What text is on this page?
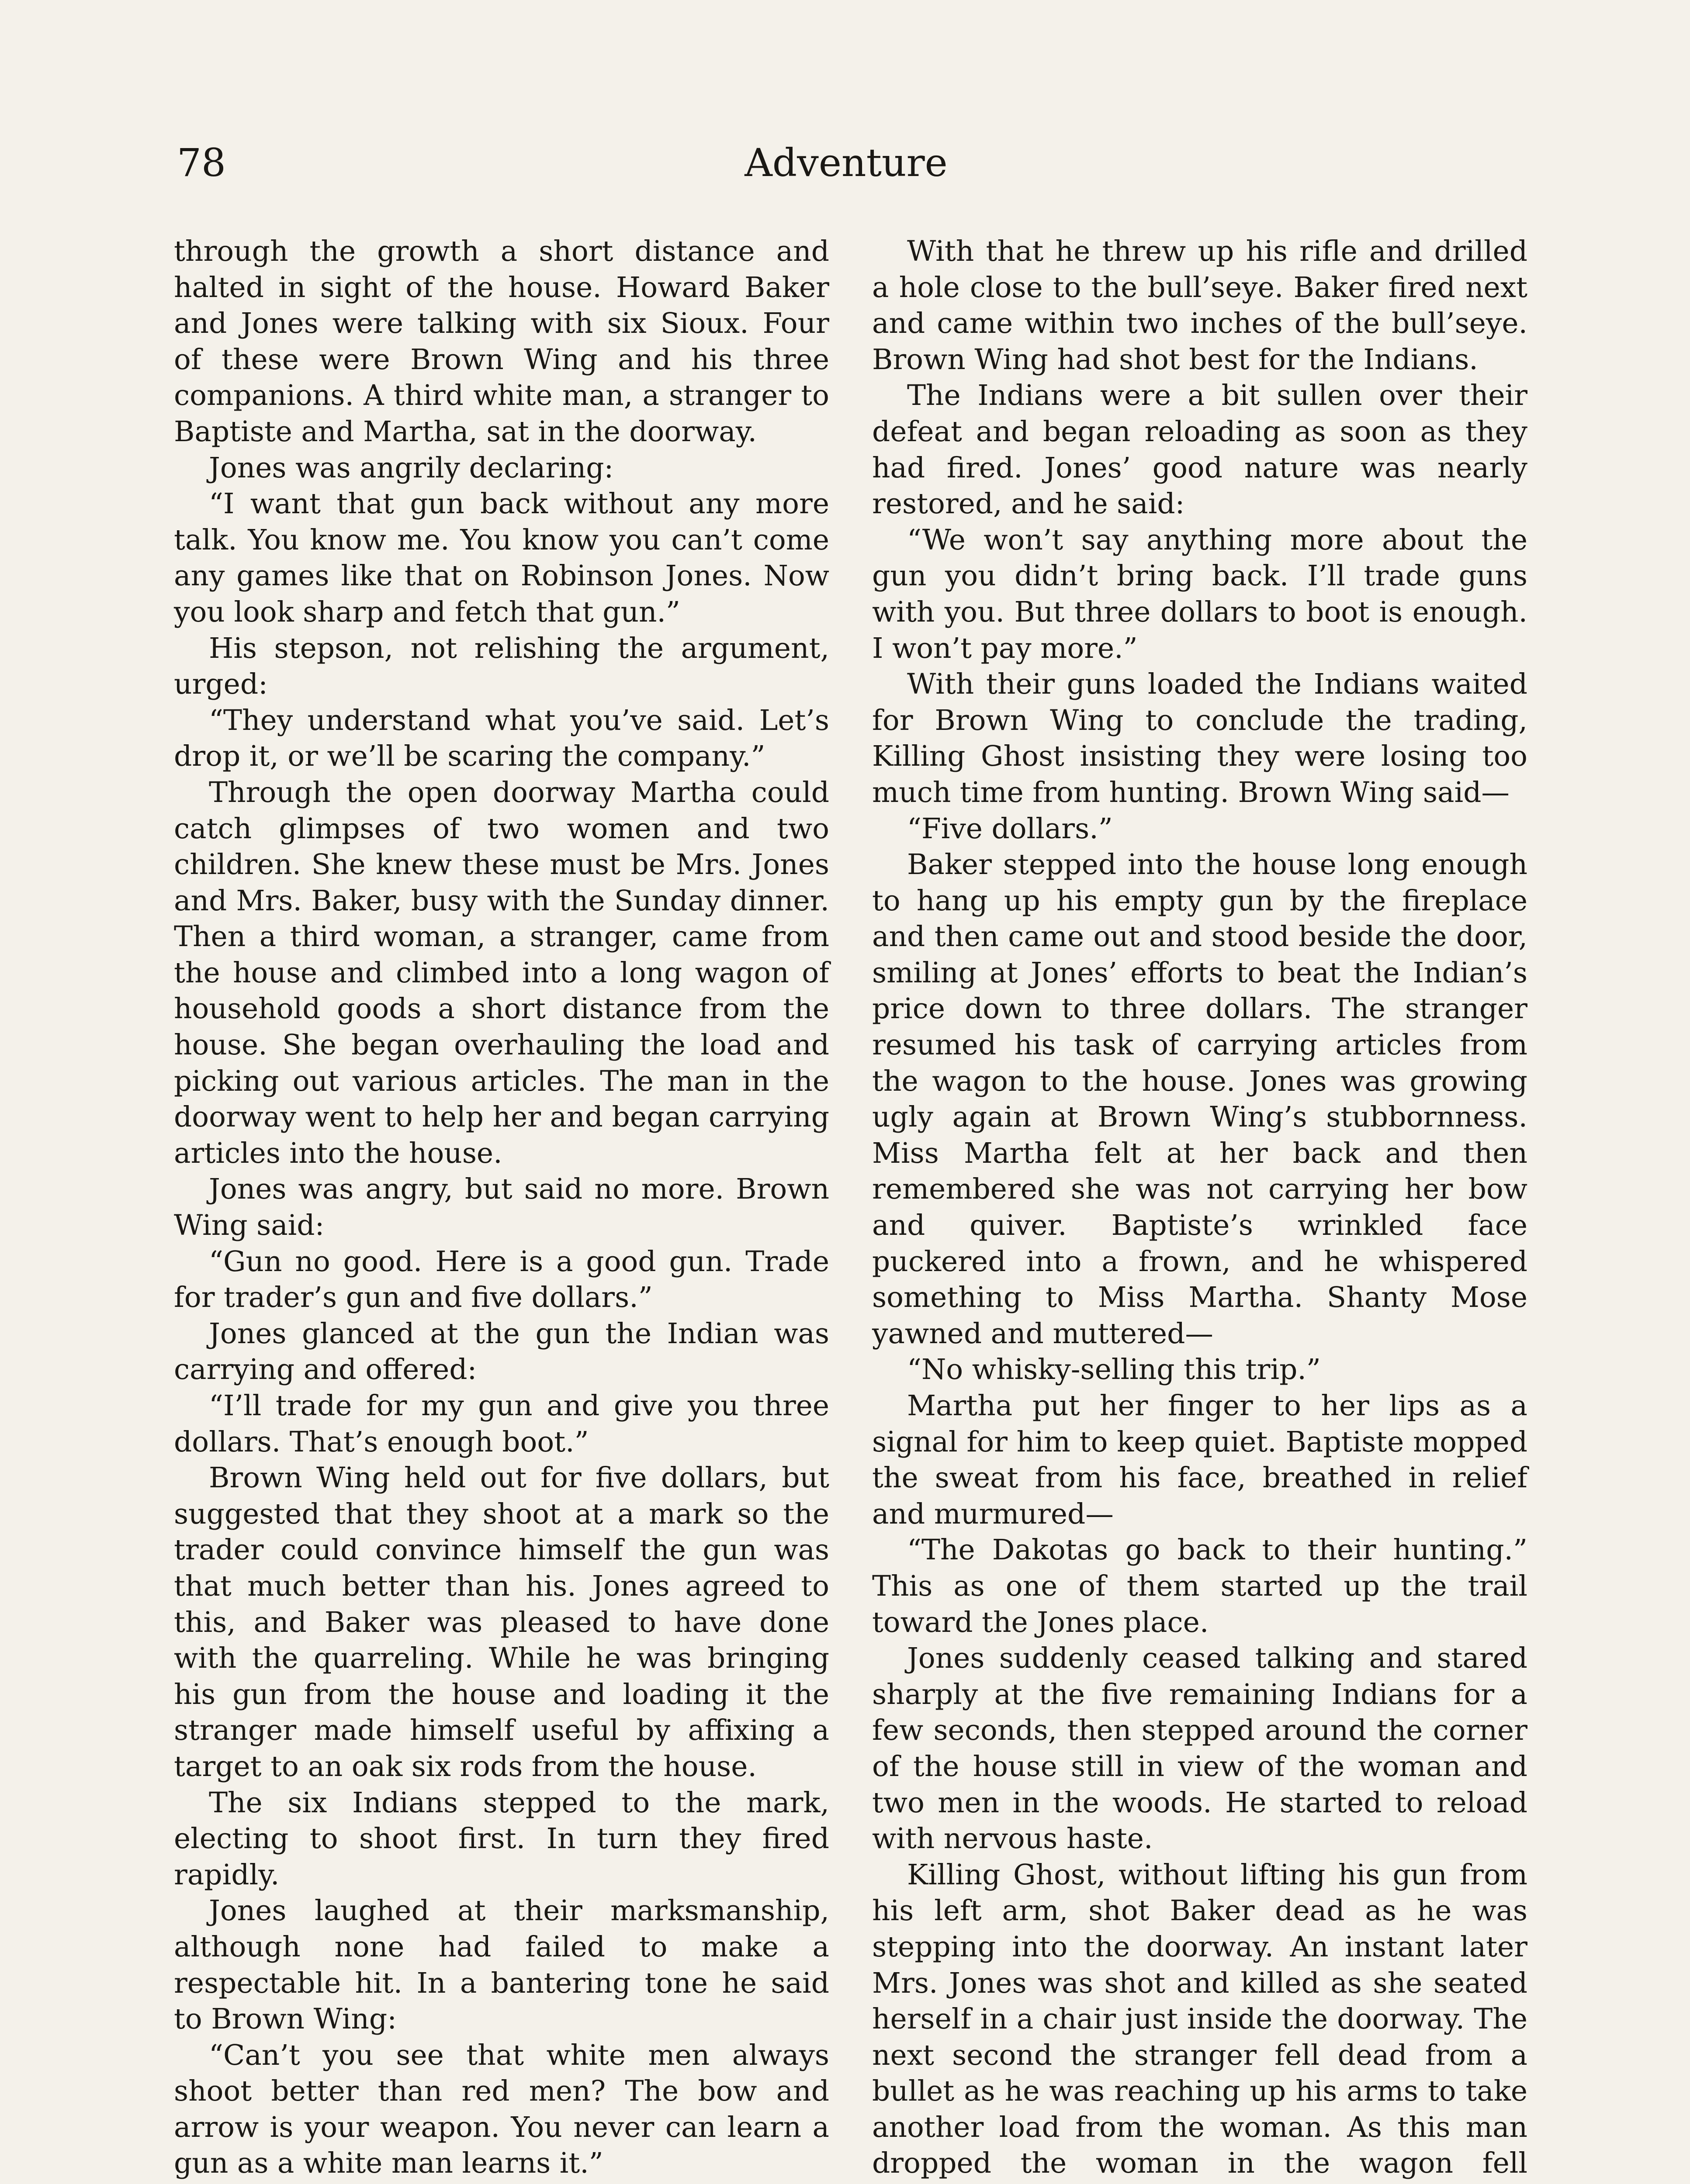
78	Adventure

through the growth a short distance and halted in sight of the house. Howard Baker and Jones were talking with six Sioux. Four of these were Brown Wing and his three companions. A third white man, a stranger to Baptiste and Martha, sat in the doorway.

Jones was angrily declaring:

“I want that gun back without any more talk. You know me. You know you can’t come any games like that on Robinson Jones. Now you look sharp and fetch that gun.”

His stepson, not relishing the argument, urged:

“They understand what you’ve said. Let’s drop it, or we’ll be scaring the company.”

Through the open doorway Martha could catch glimpses of two women and two children. She knew these must be Mrs. Jones and Mrs. Baker, busy with the Sunday dinner. Then a third woman, a stranger, came from the house and climbed into a long wagon of household goods a short distance from the house. She began overhauling the load and picking out various articles. The man in the doorway went to help her and began carrying articles into the house.

Jones was angry, but said no more. Brown Wing said:

“Gun no good. Here is a good gun. Trade for trader’s gun and five dollars.”

Jones glanced at the gun the Indian was carrying and offered:

“I’ll trade for my gun and give you three dollars. That’s enough boot.”

Brown Wing held out for five dollars, but suggested that they shoot at a mark so the trader could convince himself the gun was that much better than his. Jones agreed to this, and Baker was pleased to have done with the quarreling. While he was bringing his gun from the house and loading it the stranger made himself useful by affixing a target to an oak six rods from the house.

The six Indians stepped to the mark, electing to shoot first. In turn they fired rapidly.

Jones laughed at their marksmanship, although none had failed to make a respectable hit. In a bantering tone he said to Brown Wing:

“Can’t you see that white men always shoot better than red men? The bow and arrow is your weapon. You never can learn a gun as a white man learns it.”

With that he threw up his rifle and drilled a hole close to the bull’seye. Baker fired next and came within two inches of the bull’seye. Brown Wing had shot best for the Indians.

The Indians were a bit sullen over their defeat and began reloading as soon as they had fired. Jones’ good nature was nearly restored, and he said:

“We won’t say anything more about the gun you didn’t bring back. I’ll trade guns with you. But three dollars to boot is enough. I won’t pay more.”

With their guns loaded the Indians waited for Brown Wing to conclude the trading, Killing Ghost insisting they were losing too much time from hunting. Brown Wing said—

“Five dollars.”

Baker stepped into the house long enough to hang up his empty gun by the fireplace and then came out and stood beside the door, smiling at Jones’ efforts to beat the Indian’s price down to three dollars. The stranger resumed his task of carrying articles from the wagon to the house. Jones was growing ugly again at Brown Wing’s stubbornness. Miss Martha felt at her back and then remembered she was not carrying her bow and quiver. Baptiste’s wrinkled face puckered into a frown, and he whispered something to Miss Martha. Shanty Mose yawned and muttered—

“No whisky-selling this trip.”

Martha put her finger to her lips as a signal for him to keep quiet. Baptiste mopped the sweat from his face, breathed in relief and murmured—

“The Dakotas go back to their hunting.” This as one of them started up the trail toward the Jones place.

Jones suddenly ceased talking and stared sharply at the five remaining Indians for a few seconds, then stepped around the corner of the house still in view of the woman and two men in the woods. He started to reload with nervous haste.

Killing Ghost, without lifting his gun from his left arm, shot Baker dead as he was stepping into the doorway. An instant later Mrs. Jones was shot and killed as she seated herself in a chair just inside the doorway. The next second the stranger fell dead from a bullet as he was reaching up his arms to take another load from the woman. As this man dropped the woman in the wagon fell
